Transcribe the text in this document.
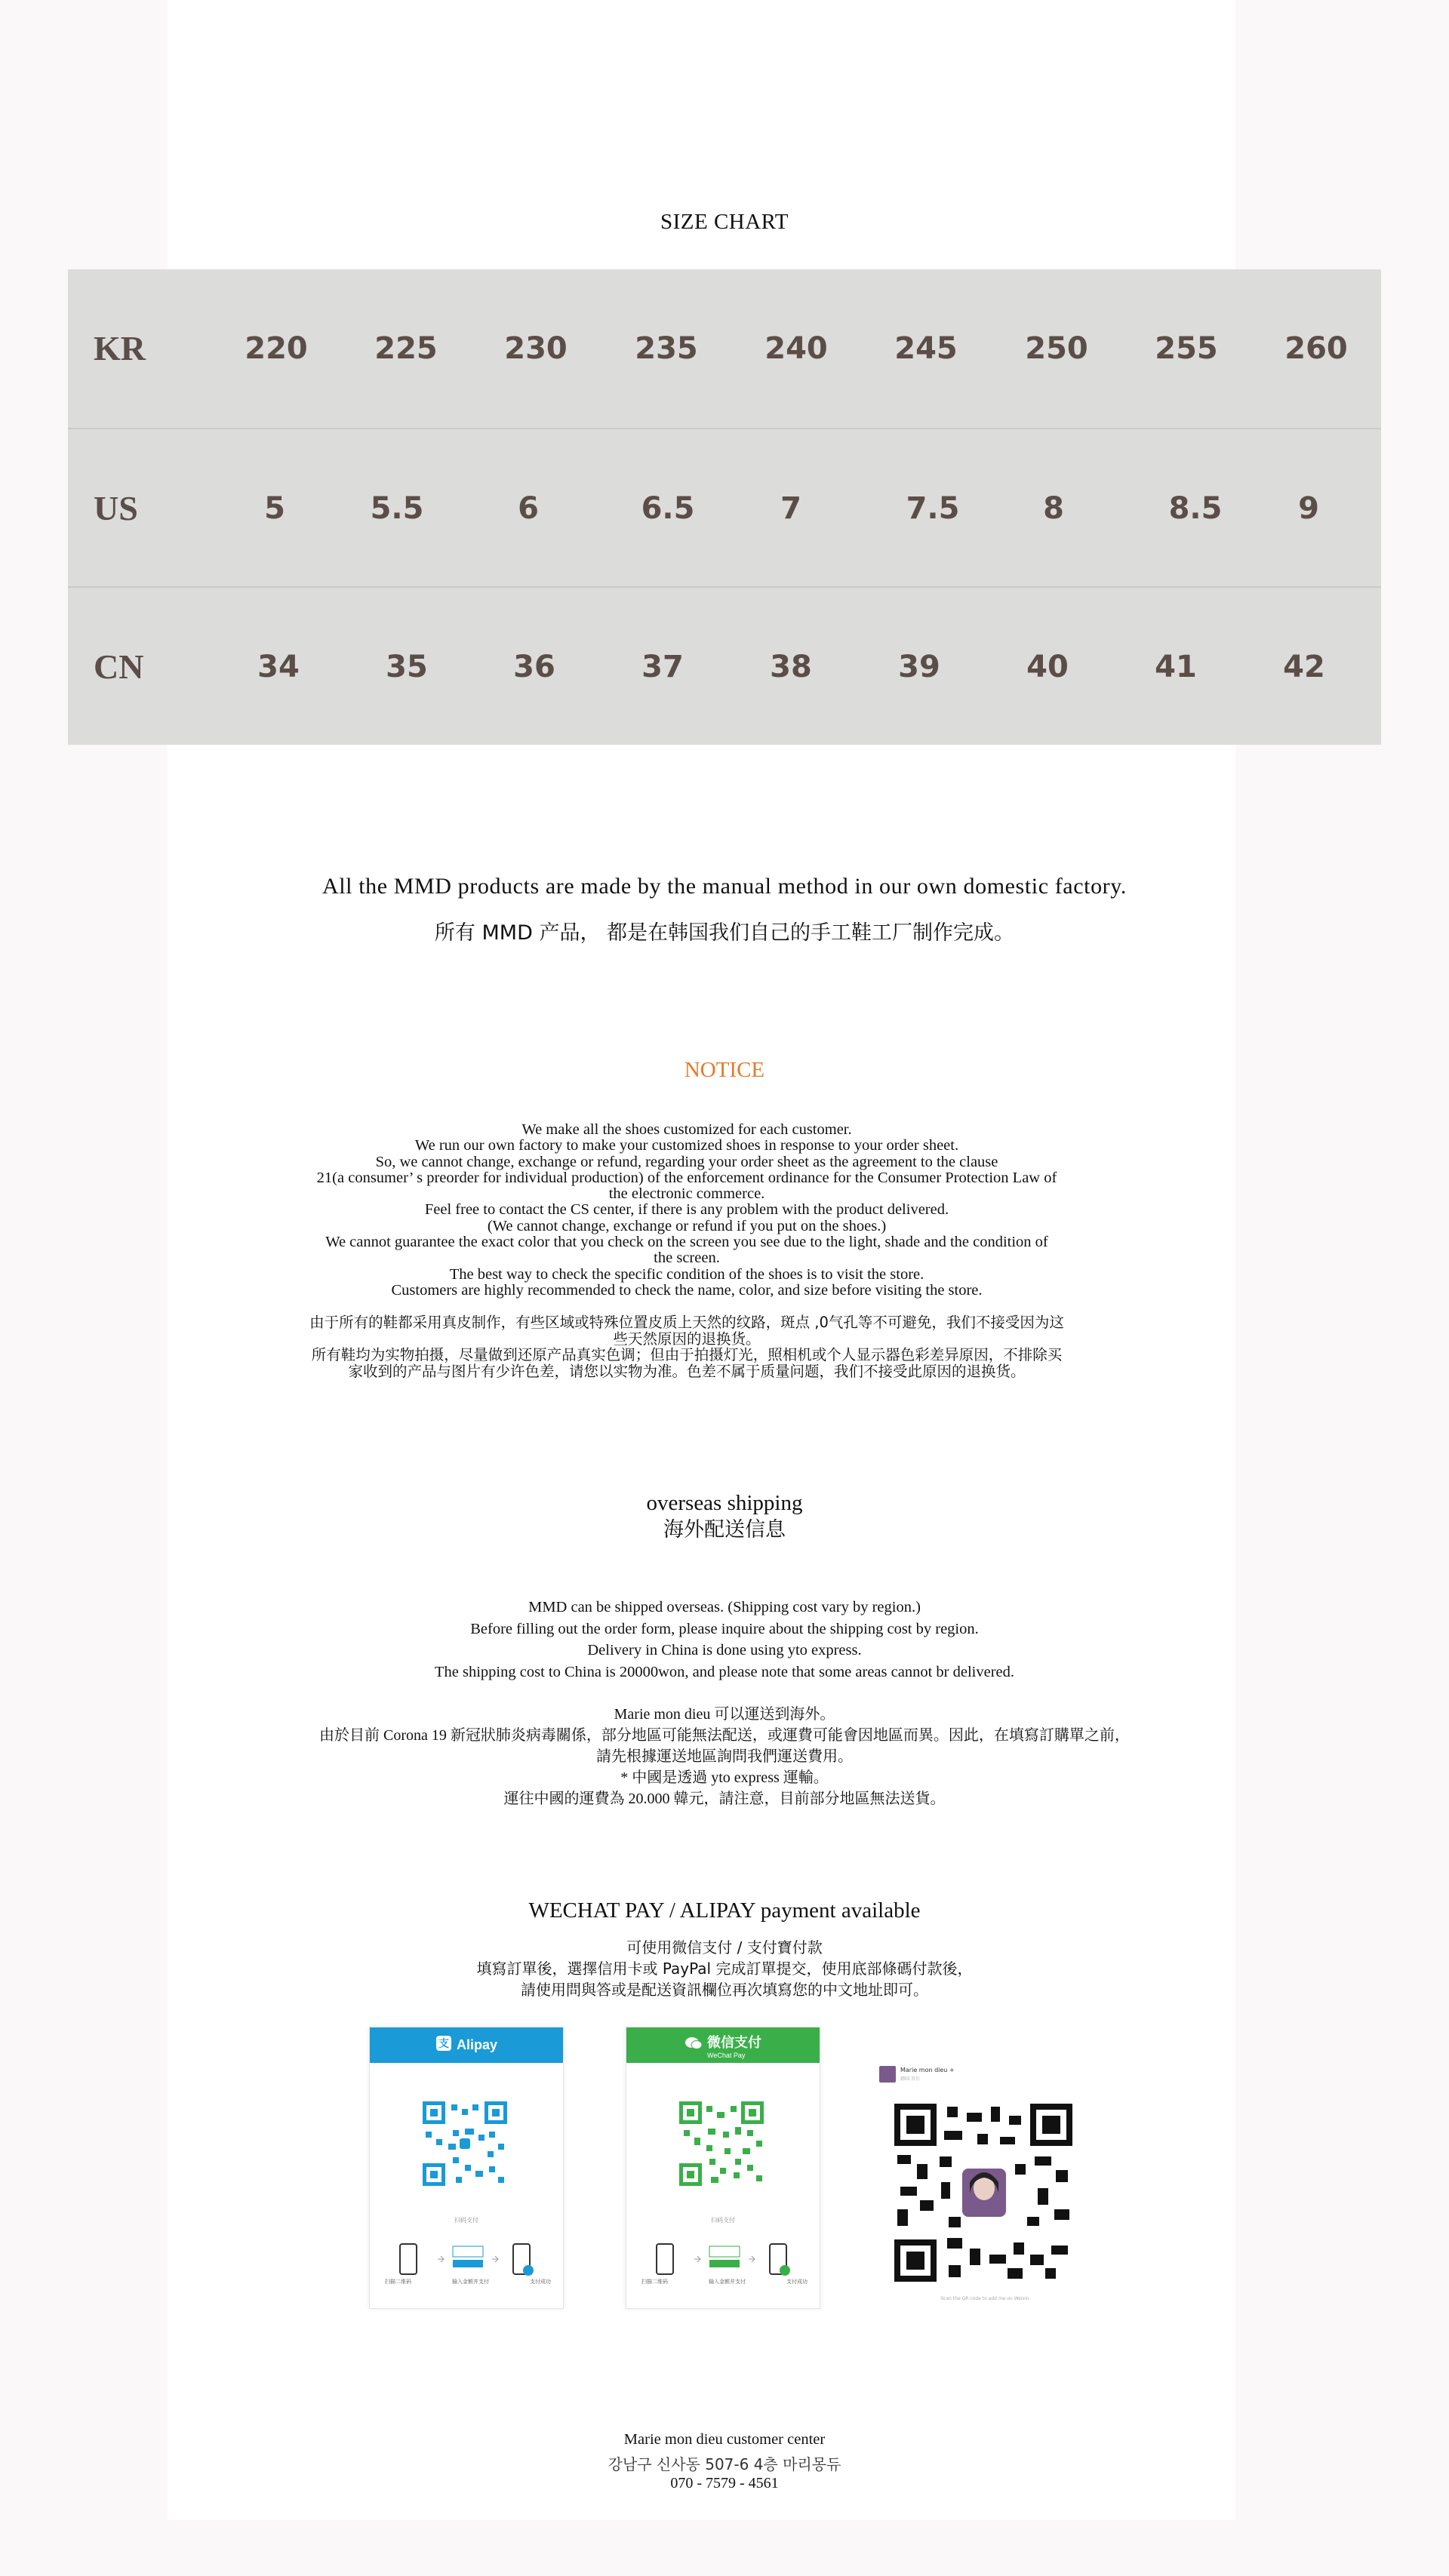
SIZE CHART
KR	220	225	230	235	240	245	250	255	260
US	5	5.5	6	6.5	7	7.5	8	8.5	9
CN	34	35	36	37	38	39	40	41	42
All the MMD products are made by the manual method in our own domestic factory.
所有 MMD 产品， 都是在韩国我们自己的手工鞋工厂制作完成。
NOTICE
We make all the shoes customized for each customer.
We run our own factory to make your customized shoes in response to your order sheet.
So, we cannot change, exchange or refund, regarding your order sheet as the agreement to the clause
21(a consumer’ s preorder for individual production) of the enforcement ordinance for the Consumer Protection Law of
the electronic commerce.
Feel free to contact the CS center, if there is any problem with the product delivered.
(We cannot change, exchange or refund if you put on the shoes.)
We cannot guarantee the exact color that you check on the screen you see due to the light, shade and the condition of
the screen.
The best way to check the specific condition of the shoes is to visit the store.
Customers are highly recommended to check the name, color, and size before visiting the store.
由于所有的鞋都采用真皮制作，有些区域或特殊位置皮质上天然的纹路，斑点 ,0气孔等不可避免，我们不接受因为这
些天然原因的退换货。
所有鞋均为实物拍摄，尽量做到还原产品真实色调；但由于拍摄灯光，照相机或个人显示器色彩差异原因，不排除买
家收到的产品与图片有少许色差，请您以实物为准。色差不属于质量问题，我们不接受此原因的退换货。
overseas shipping
海外配送信息
MMD can be shipped overseas. (Shipping cost vary by region.)
Before filling out the order form, please inquire about the shipping cost by region.
Delivery in China is done using yto express.
The shipping cost to China is 20000won, and please note that some areas cannot br delivered.
Marie mon dieu 可以運送到海外。
由於目前 Corona 19 新冠狀肺炎病毒關係，部分地區可能無法配送，或運費可能會因地區而異。因此，在填寫訂購單之前，
請先根據運送地區詢問我們運送費用。
* 中國是透過 yto express 運輸。
運往中國的運費為 20.000 韓元，請注意，目前部分地區無法送貨。
WECHAT PAY / ALIPAY payment available
可使用微信支付 / 支付寶付款
填寫訂單後，選擇信用卡或 PayPal 完成訂單提交，使用底部條碼付款後，
請使用問與答或是配送資訊欄位再次填寫您的中文地址即可。
支 Alipay
扫码支付
扫描二维码	输入金额并支付	支付成功
微信支付
WeChat Pay
扫码支付
扫描二维码	输入金额并支付	支付成功
Marie mon dieu +
韩国 首尔
Scan the QR code to add me on Weixin
Marie mon dieu customer center
강남구 신사동 507-6 4층 마리몽듀
070 - 7579 - 4561
